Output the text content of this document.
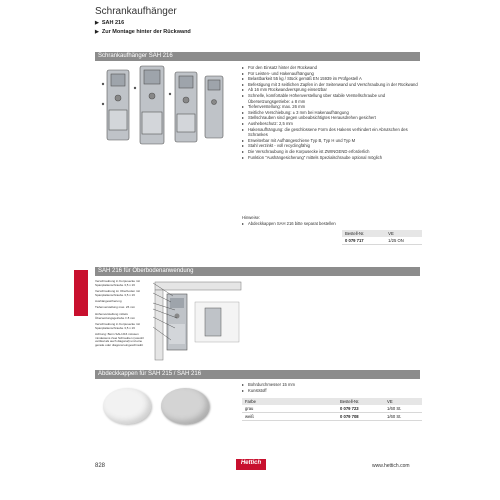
Schrankaufhänger
▶ SAH 216
▶ Zur Montage hinter der Rückwand
Schrankaufhänger SAH 216
▸ Für den Einsatz hinter der Rückwand
▸ Für Leisten- und Hakenaufhängung
▸ Belastbarkeit 55 kg / Stück gemäß EN 15939 im Prüfgestell A
▸ Befestigung mit 3 seitlichen Zapfen in der Seitenwand und Verschraubung in der Rückwand
▸ Ab 16 mm Rückwandversprung einsetzbar
▸ Schnelle, komfortable Höhenverstellung über stabile Verstellschraube und Übersetzungsgetriebe: ± 8 mm
▸ Tiefenverstellung: max. 26 mm
▸ Seitliche Verschiebung: ± 3 mm bei Hakenaufhängung
▸ Stellschrauben sind gegen unbeabsichtigtes Herausdrehen gesichert
▸ Aushebeschutz: 2,5 mm
▸ Hakenaufhängung: die geschlossene Form des Hakens verhindert ein Abrutschen des Schrankes
▸ Erweiterbar mit Aufhängeschiene Typ B, Typ H und Typ M
▸ Stahl verzinkt - voll recyclingfähig
▸ Die Verschraubung in die Korpusecke ist ZWINGEND erforderlich
▸ Funktion "Aushängesicherung" mittels Spezialschraube optional möglich
Hinweise:
▸ Abdeckkappen SAH 216 bitte separat bestellen
Bestell-Nr.	VE
0 079 717	1/25 ON
SAH 216 für Oberbodenanwendung
Verschraubung in Korpusecke mit Spanplattenschraube 3,5 x 16
Verschraubung im Oberboden mit Spanplattenschraube 3,5 x 16
Aushängesicherung
Tiefenverstellung max. 26 mm
Höhenverstellung mittels Übersetzungsgetriebe ± 8 mm
Verschraubung in Korpusecke mit Spanplattenschraube 3,5 x 16
Achtung: Beim SAH 216 müssen mindestens zwei Schrauben (sowohl vertikal als auch diagonal) und eine gerade oder diagonal eingeschraubt
Abdeckkappen für SAH 215 / SAH 216
▸ Bohrdurchmesser 15 mm
▸ Kunststoff
Farbe	Bestell-Nr.	VE
grau	0 079 723	1/60 St.
weiß	0 079 708	1/60 St.
828	Hettich	www.hettich.com
